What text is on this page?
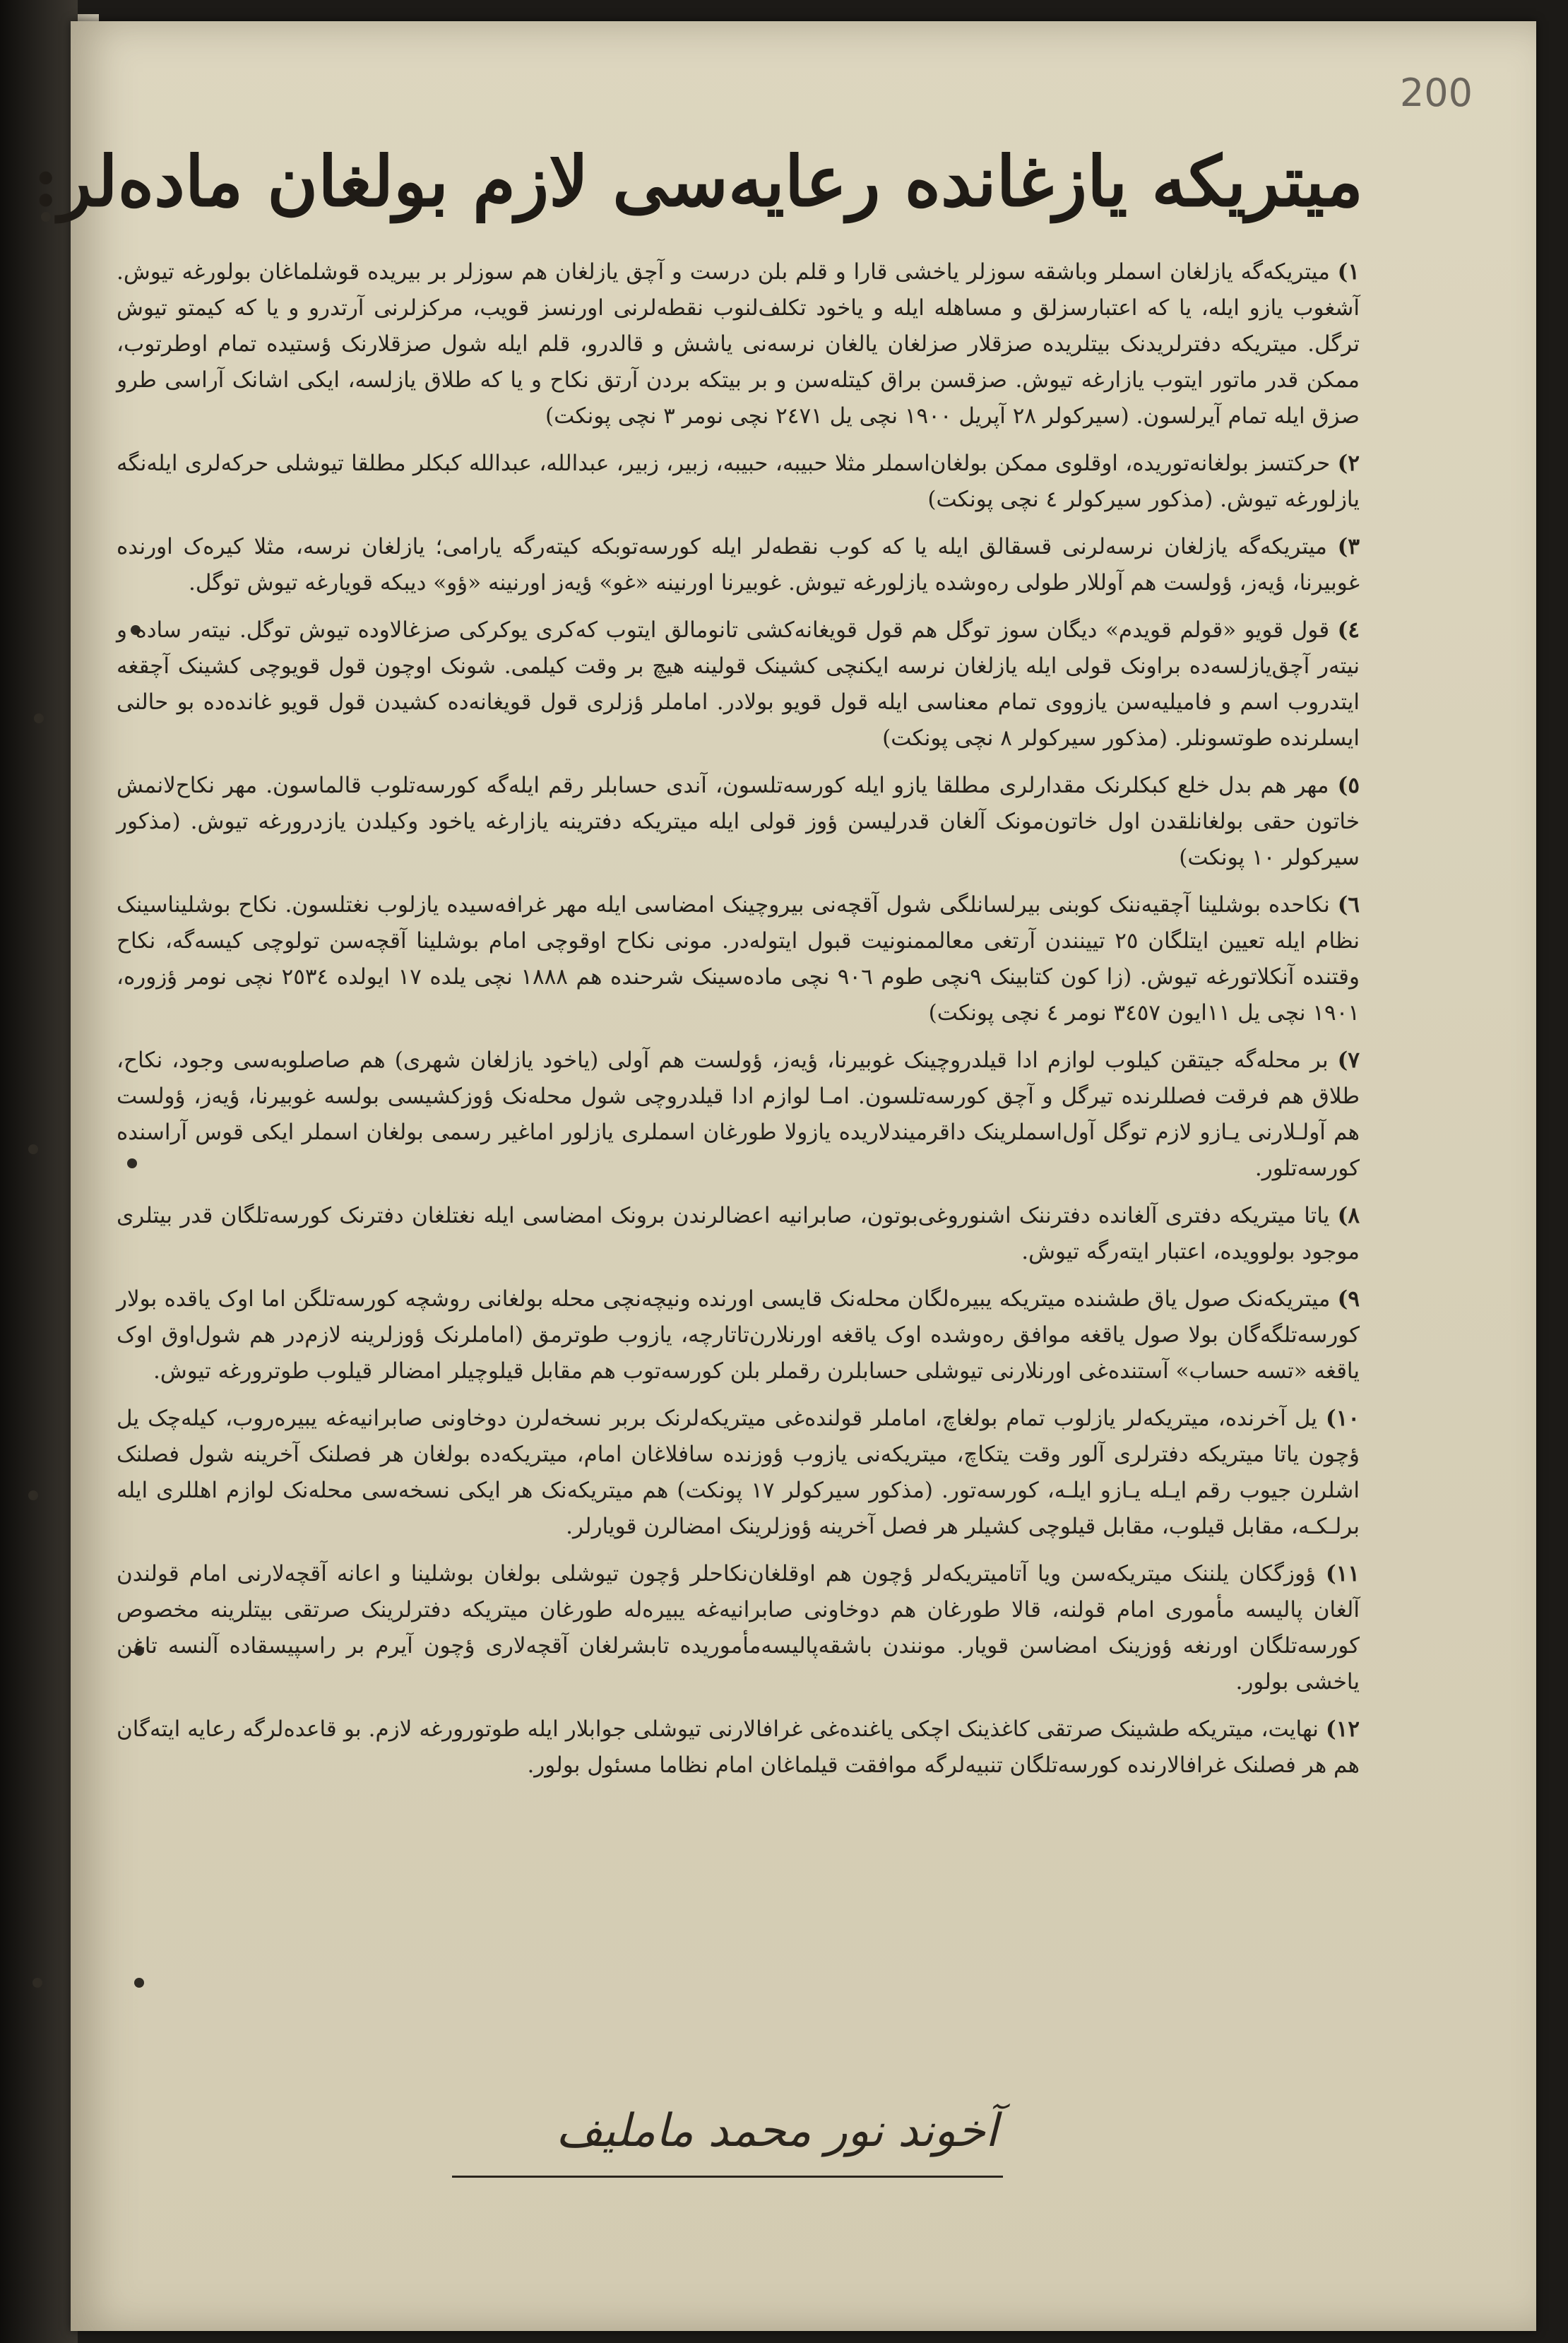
200
میتریکه یازغانده رعایه‌سی لازم بولغان ماده‌لر:
١) میتریکه‌گه یازلغان اسملر وباشقه سوزلر یاخشی قارا و قلم بلن درست و آچق یازلغان هم سوزلر بر بیریده قوشلماغان بولورغه تیوش. آشغوب یازو ایله، یا که اعتبارسزلق و مساهله ایله و یاخود تکلف‌لنوب نقطه‌لرنی اورنسز قویب، مرکزلرنی آرتدرو و یا که کیمتو تیوش ترگل. میتریکه دفترلریدنک بیتلریده صزقلار صزلغان یالغان نرسه‌نی یاشش و قالدرو، قلم ایله شول صزقلارنک ؤستیده تمام اوطرتوب، ممکن قدر ماتور ایتوب یازارغه تیوش. صزقسن براق کیتله‌سن و بر بیتکه بردن آرتق نکاح و یا که طلاق یازلسه، ایکی اشانک آراسی طرو صزق ایله تمام آیرلسون. (سیرکولر ٢٨ آپریل ١٩٠٠ نچی یل ٢٤٧١ نچی نومر ٣ نچی پونکت)
٢) حرکتسز بولغانه‌توریده، اوقلوی ممکن بولغان‌اسملر مثلا حبیبه، حبیبه، زبیر، زبیر، عبدالله، عبدالله کبکلر مطلقا تیوشلی حرکه‌لری ایله‌نگه یازلورغه تیوش. (مذکور سیرکولر ٤ نچی پونکت)
٣) میتریکه‌گه یازلغان نرسه‌لرنی قسقالق ایله یا که کوب نقطه‌لر ایله کورسه‌توبکه کیته‌رگه یارامی؛ یازلغان نرسه، مثلا کیره‌ک اورنده غوبیرنا، ؤیه‌ز، ؤولست هم آوللار طولی ره‌وشده یازلورغه تیوش. غوبیرنا اورنینه «غو» ؤیه‌ز اورنینه «ؤو» دیبکه قویارغه تیوش توگل.
٤) قول قویو «قولم قویدم» دیگان سوز توگل هم قول قویغانه‌کشی تانومالق ایتوب که‌کری یوکرکی صزغالاوده تیوش توگل. نیته‌ر ساده و نیته‌ر آچق‌یازلسه‌ده براونک قولی ایله یازلغان نرسه ایکنچی کشینک قولینه هیچ بر وقت کیلمی. شونک اوچون قول قویوچی کشینک آچقغه ایتدروب اسم و فامیلیه‌سن یازووی تمام معناسی ایله قول قویو بولادر. اماملر ؤزلری قول قویغانه‌ده کشیدن قول قویو غانده‌ده بو حالنی ایسلرنده طوتسونلر. (مذکور سیرکولر ٨ نچی پونکت)
٥) مهر هم بدل خلع کبکلرنک مقدارلری مطلقا یازو ایله کورسه‌تلسون، آندی حسابلر رقم ایله‌گه کورسه‌تلوب قالماسون. مهر نکاح‌لانمش خاتون حقی بولغانلقدن اول خاتون‌مونک آلغان قدرلیسن ؤوز قولی ایله میتریکه دفترینه یازارغه یاخود وکیلدن یازدرورغه تیوش. (مذکور سیرکولر ١٠ پونکت)
٦) نکاحده بوشلینا آچقیه‌ننک کوبنی بیرلسانلگی شول آقچه‌نی بیروچینک امضاسی ایله مهر غرافه‌سیده یازلوب نغتلسون. نکاح بوشلیناسینک نظام ایله تعیین ایتلگان ٢٥ تیینندن آرتغی معالممنونیت قبول ایتوله‌در. مونی نکاح اوقوچی امام بوشلینا آقچه‌سن تولوچی کیسه‌گه، نکاح وقتنده آنکلاتورغه تیوش. (زا کون کتابینک ٩نچی طوم ٩٠٦ نچی ماده‌سینک شرحنده هم ١٨٨٨ نچی یلده ١٧ ایولده ٢٥٣٤ نچی نومر ؤزوره، ١٩٠١ نچی یل ١١ایون ٣٤٥٧ نومر ٤ نچی پونکت)
٧) بر محله‌گه جیتقن کیلوب لوازم ادا قیلدروچینک غوبیرنا، ؤیه‌ز، ؤولست هم آولی (یاخود یازلغان شهری) هم صاصلوبه‌سی وجود، نکاح، طلاق هم فرقت فصللرنده تیرگل و آچق کورسه‌تلسون. امـا لوازم ادا قیلدروچی شول محله‌نک ؤوزکشیسی بولسه غوبیرنا، ؤیه‌ز، ؤولست هم آولـلارنی یـازو لازم توگل آول‌اسملرینک داقرمیندلاریده یازولا طورغان اسملری یازلور اماغیر رسمی بولغان اسملر ایکی قوس آراسنده کورسه‌تلور.
٨) یاتا میتریکه دفتری آلغانده دفترننک اشنوروغی‌بوتون، صابرانیه اعضالرندن برونک امضاسی ایله نغتلغان دفترنک کورسه‌تلگان قدر بیتلری موجود بولوویده، اعتبار ایته‌رگه تیوش.
٩) میتریکه‌نک صول یاق طشنده میتریکه یبیره‌لگان محله‌نک قایسی اورنده ونیچه‌نچی محله بولغانی روشچه کورسه‌تلگن اما اوک یاقده بولار کورسه‌تلگه‌گان بولا صول یاقغه موافق ره‌وشده اوک یاقغه اورنلارن‌تاتارچه، یازوب طوترمق (اماملرنک ؤوزلرینه لازم‌در هم شول‌اوق اوک یاقغه «تسه حساب» آستنده‌غی اورنلارنی تیوشلی حسابلرن رقملر بلن کورسه‌توب هم مقابل قیلوچیلر امضالر قیلوب طوترورغه تیوش.
١٠) یل آخرنده، میتریکه‌لر یازلوب تمام بولغاچ، اماملر قولنده‌غی میتریکه‌لرنک بر‌بر نسخه‌لرن دوخاونی صابرانیه‌غه یبیره‌روب، کیله‌چک یل ؤچون یاتا میتریکه دفترلری آلور وقت یتکاچ، میتریکه‌نی یازوب ؤوزنده سافلاغان امام، میتریکه‌ده بولغان هر فصلنک آخرینه شول فصلنک اشلرن جیوب رقم ایـله یـازو ایلـه، کورسه‌تور. (مذکور سیرکولر ١٧ پونکت) هم میتریکه‌نک هر ایکی نسخه‌سی محله‌نک لوازم اهللری ایله برلـکـه، مقابل قیلوب، مقابل قیلوچی کشیلر هر فصل آخرینه ؤوزلرینک امضالرن قویارلر.
١١) ؤوزگکان یلننک میتریکه‌سن ویا آتامیتریکه‌لر ؤچون هم اوقلغان‌نکاحلر ؤچون تیوشلی بولغان بوشلینا و اعانه آقچه‌لارنی امام قولندن آلغان پالیسه مأموری امام قولنه، قالا طورغان هم دوخاونی صابرانیه‌غه یبیره‌له طورغان میتریکه دفترلرینک صرتقی بیتلرینه مخصوص کورسه‌تلگان اورنغه ؤوزینک امضاسن قویار. مونندن باشقه‌پالیسه‌مأموریده تابشرلغان آقچه‌لاری ؤچون آیرم بر راسپیسقاده آلنسه تاغن یاخشی بولور.
١٢) نهایت، میتریکه طشینک صرتقی کاغذینک اچکی یاغنده‌غی غرافالارنی تیوشلی جوابلار ایله طوتورورغه لازم. بو قاعده‌لرگه رعایه ایته‌گان هم هر فصلنک غرافالارنده کورسه‌تلگان تنبیه‌لرگه موافقت قیلماغان امام نظاما مسئول بولور.
آخوند نور محمد مامليف
